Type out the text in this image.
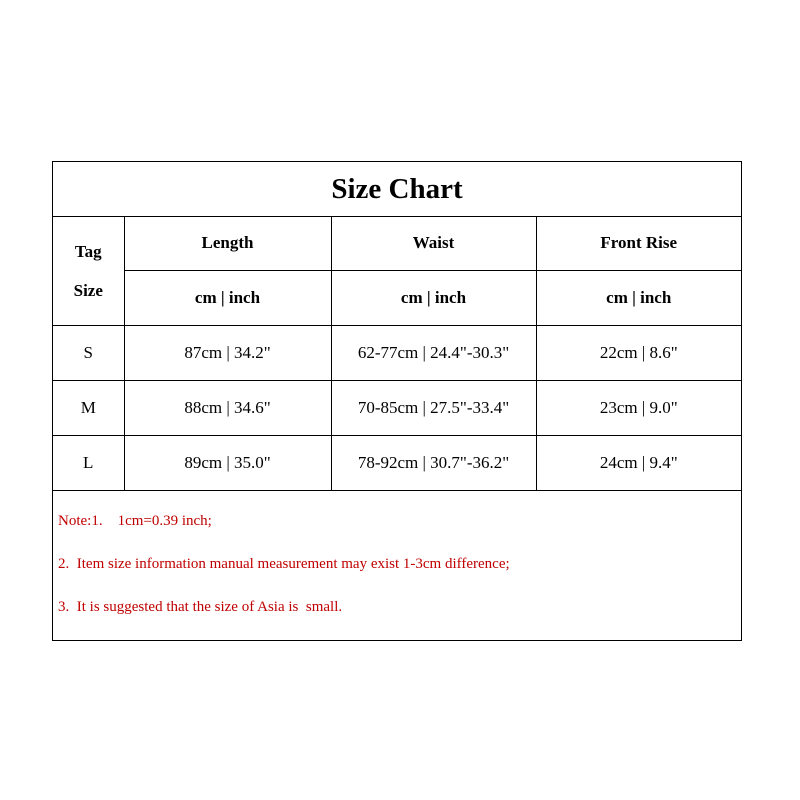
Size Chart
Tag
Size	Length	Waist	Front Rise
	cm | inch	cm | inch	cm | inch
S	87cm | 34.2"	62-77cm | 24.4"-30.3"	22cm | 8.6"
M	88cm | 34.6"	70-85cm | 27.5"-33.4"	23cm | 9.0"
L	89cm | 35.0"	78-92cm | 30.7"-36.2"	24cm | 9.4"
Note:1.    1cm=0.39 inch;
2.  Item size information manual measurement may exist 1-3cm difference;
3.  It is suggested that the size of Asia is  small.
